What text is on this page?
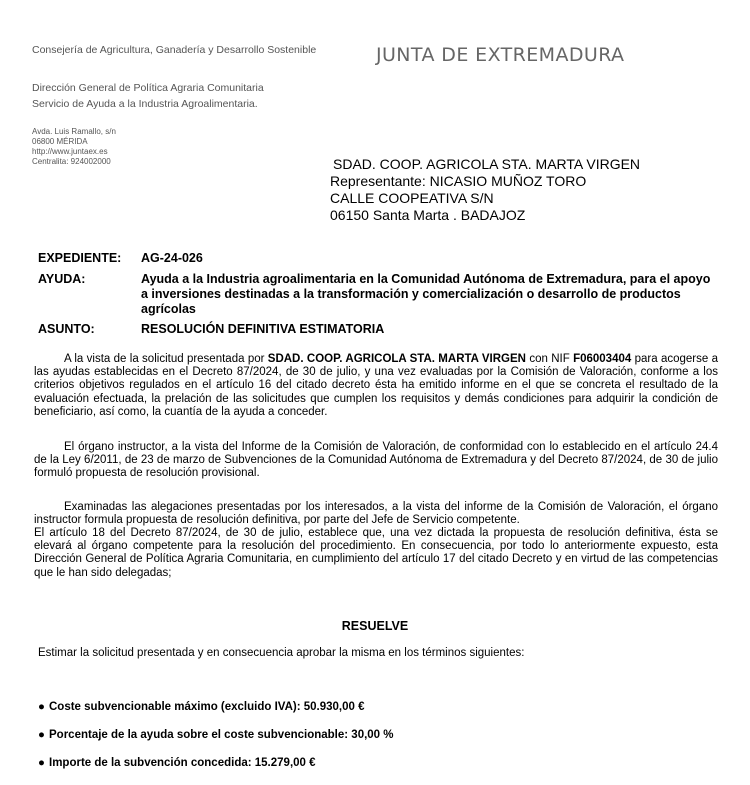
Consejería de Agricultura, Ganadería y Desarrollo Sostenible

Dirección General de Política Agraria Comunitaria

Servicio de Ayuda a la Industria Agroalimentaria.

Avda. Luis Ramallo, s/n
06800 MÉRIDA
http://www.juntaex.es
Centralita: 924002000
JUNTA DE EXTREMADURA
SDAD. COOP. AGRICOLA STA. MARTA VIRGEN
Representante: NICASIO MUÑOZ TORO
CALLE COOPEATIVA S/N
06150 Santa Marta . BADAJOZ
EXPEDIENTE:	AG-24-026
AYUDA:	Ayuda a la Industria agroalimentaria en la Comunidad Autónoma de Extremadura, para el apoyo a inversiones destinadas a la transformación y comercialización o desarrollo de productos agrícolas
ASUNTO:	RESOLUCIÓN DEFINITIVA ESTIMATORIA

A la vista de la solicitud presentada por SDAD. COOP. AGRICOLA STA. MARTA VIRGEN con NIF F06003404 para acogerse a las ayudas establecidas en el Decreto 87/2024, de 30 de julio, y una vez evaluadas por la Comisión de Valoración, conforme a los criterios objetivos regulados en el artículo 16 del citado decreto ésta ha emitido informe en el que se concreta el resultado de la evaluación efectuada, la prelación de las solicitudes que cumplen los requisitos y demás condiciones para adquirir la condición de beneficiario, así como, la cuantía de la ayuda a conceder.

El órgano instructor, a la vista del Informe de la Comisión de Valoración, de conformidad con lo establecido en el artículo 24.4 de la Ley 6/2011, de 23 de marzo de Subvenciones de la Comunidad Autónoma de Extremadura y del Decreto 87/2024, de 30 de julio formuló propuesta de resolución provisional.

Examinadas las alegaciones presentadas por los interesados, a la vista del informe de la Comisión de Valoración, el órgano instructor formula propuesta de resolución definitiva, por parte del Jefe de Servicio competente.

El artículo 18 del Decreto 87/2024, de 30 de julio, establece que, una vez dictada la propuesta de resolución definitiva, ésta se elevará al órgano competente para la resolución del procedimiento. En consecuencia, por todo lo anteriormente expuesto, esta Dirección General de Política Agraria Comunitaria, en cumplimiento del artículo 17 del citado Decreto y en virtud de las competencias que le han sido delegadas;

RESUELVE
Estimar la solicitud presentada y en consecuencia aprobar la misma en los términos siguientes:
● Coste subvencionable máximo (excluido IVA): 50.930,00 €
● Porcentaje de la ayuda sobre el coste subvencionable: 30,00 %
● Importe de la subvención concedida: 15.279,00 €
